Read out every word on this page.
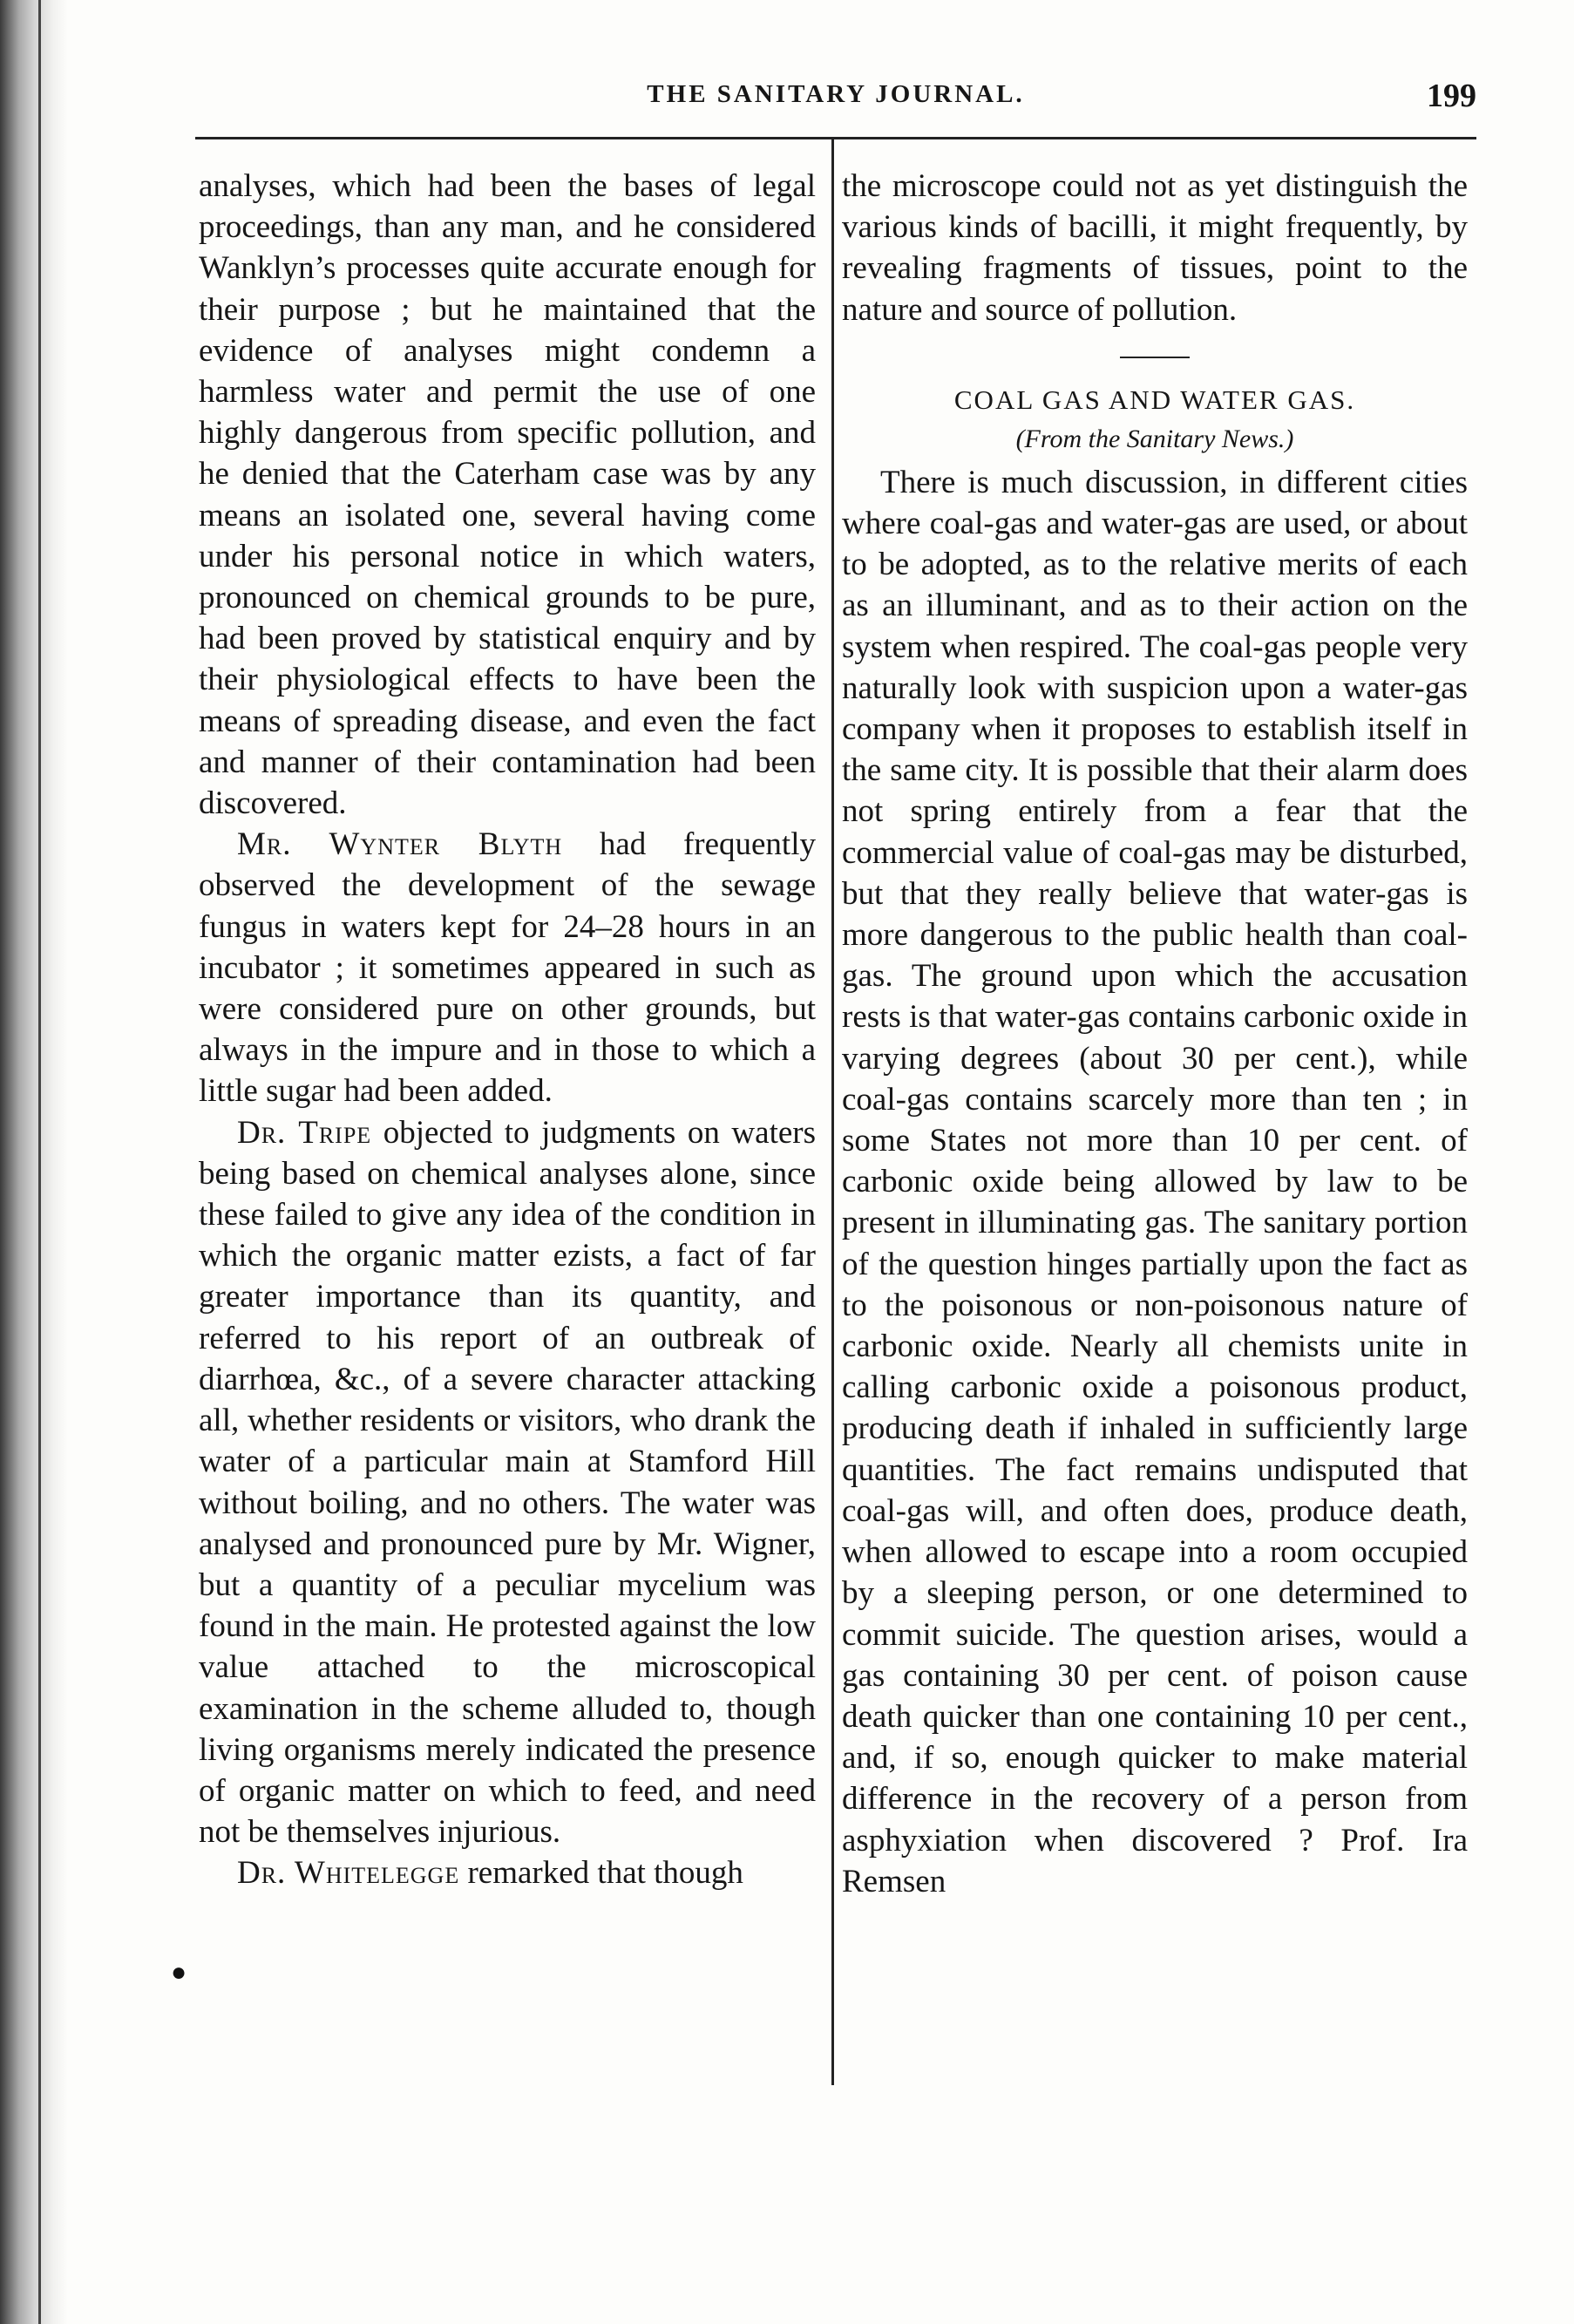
THE SANITARY JOURNAL.	199

analyses, which had been the bases of legal proceedings, than any man, and he considered Wanklyn’s processes quite accurate enough for their purpose ; but he maintained that the evidence of analyses might condemn a harmless water and permit the use of one highly dangerous from specific pollution, and he denied that the Caterham case was by any means an isolated one, several having come under his personal notice in which waters, pronounced on chemical grounds to be pure, had been proved by statistical enquiry and by their physiological effects to have been the means of spreading disease, and even the fact and manner of their contamination had been discovered.

Mr. Wynter Blyth had frequently observed the development of the sewage fungus in waters kept for 24–28 hours in an incubator ; it sometimes appeared in such as were considered pure on other grounds, but always in the impure and in those to which a little sugar had been added.

Dr. Tripe objected to judgments on waters being based on chemical analyses alone, since these failed to give any idea of the condition in which the organic matter ezists, a fact of far greater importance than its quantity, and referred to his report of an outbreak of diarrhœa, &c., of a severe character attacking all, whether residents or visitors, who drank the water of a particular main at Stamford Hill without boiling, and no others. The water was analysed and pronounced pure by Mr. Wigner, but a quantity of a peculiar mycelium was found in the main. He protested against the low value attached to the microscopical examination in the scheme alluded to, though living organisms merely indicated the presence of organic matter on which to feed, and need not be themselves injurious.

Dr. Whitelegge remarked that though

the microscope could not as yet distinguish the various kinds of bacilli, it might frequently, by revealing fragments of tissues, point to the nature and source of pollution.

COAL GAS AND WATER GAS.
(From the Sanitary News.)

There is much discussion, in different cities where coal-gas and water-gas are used, or about to be adopted, as to the relative merits of each as an illuminant, and as to their action on the system when respired. The coal-gas people very naturally look with suspicion upon a water-gas company when it proposes to establish itself in the same city. It is possible that their alarm does not spring entirely from a fear that the commercial value of coal-gas may be disturbed, but that they really believe that water-gas is more dangerous to the public health than coal-gas. The ground upon which the accusation rests is that water-gas contains carbonic oxide in varying degrees (about 30 per cent.), while coal-gas contains scarcely more than ten ; in some States not more than 10 per cent. of carbonic oxide being allowed by law to be present in illuminating gas. The sanitary portion of the question hinges partially upon the fact as to the poisonous or non-poisonous nature of carbonic oxide. Nearly all chemists unite in calling carbonic oxide a poisonous product, producing death if inhaled in sufficiently large quantities. The fact remains undisputed that coal-gas will, and often does, produce death, when allowed to escape into a room occupied by a sleeping person, or one determined to commit suicide. The question arises, would a gas containing 30 per cent. of poison cause death quicker than one containing 10 per cent., and, if so, enough quicker to make material difference in the recovery of a person from asphyxiation when discovered ? Prof. Ira Remsen

●
